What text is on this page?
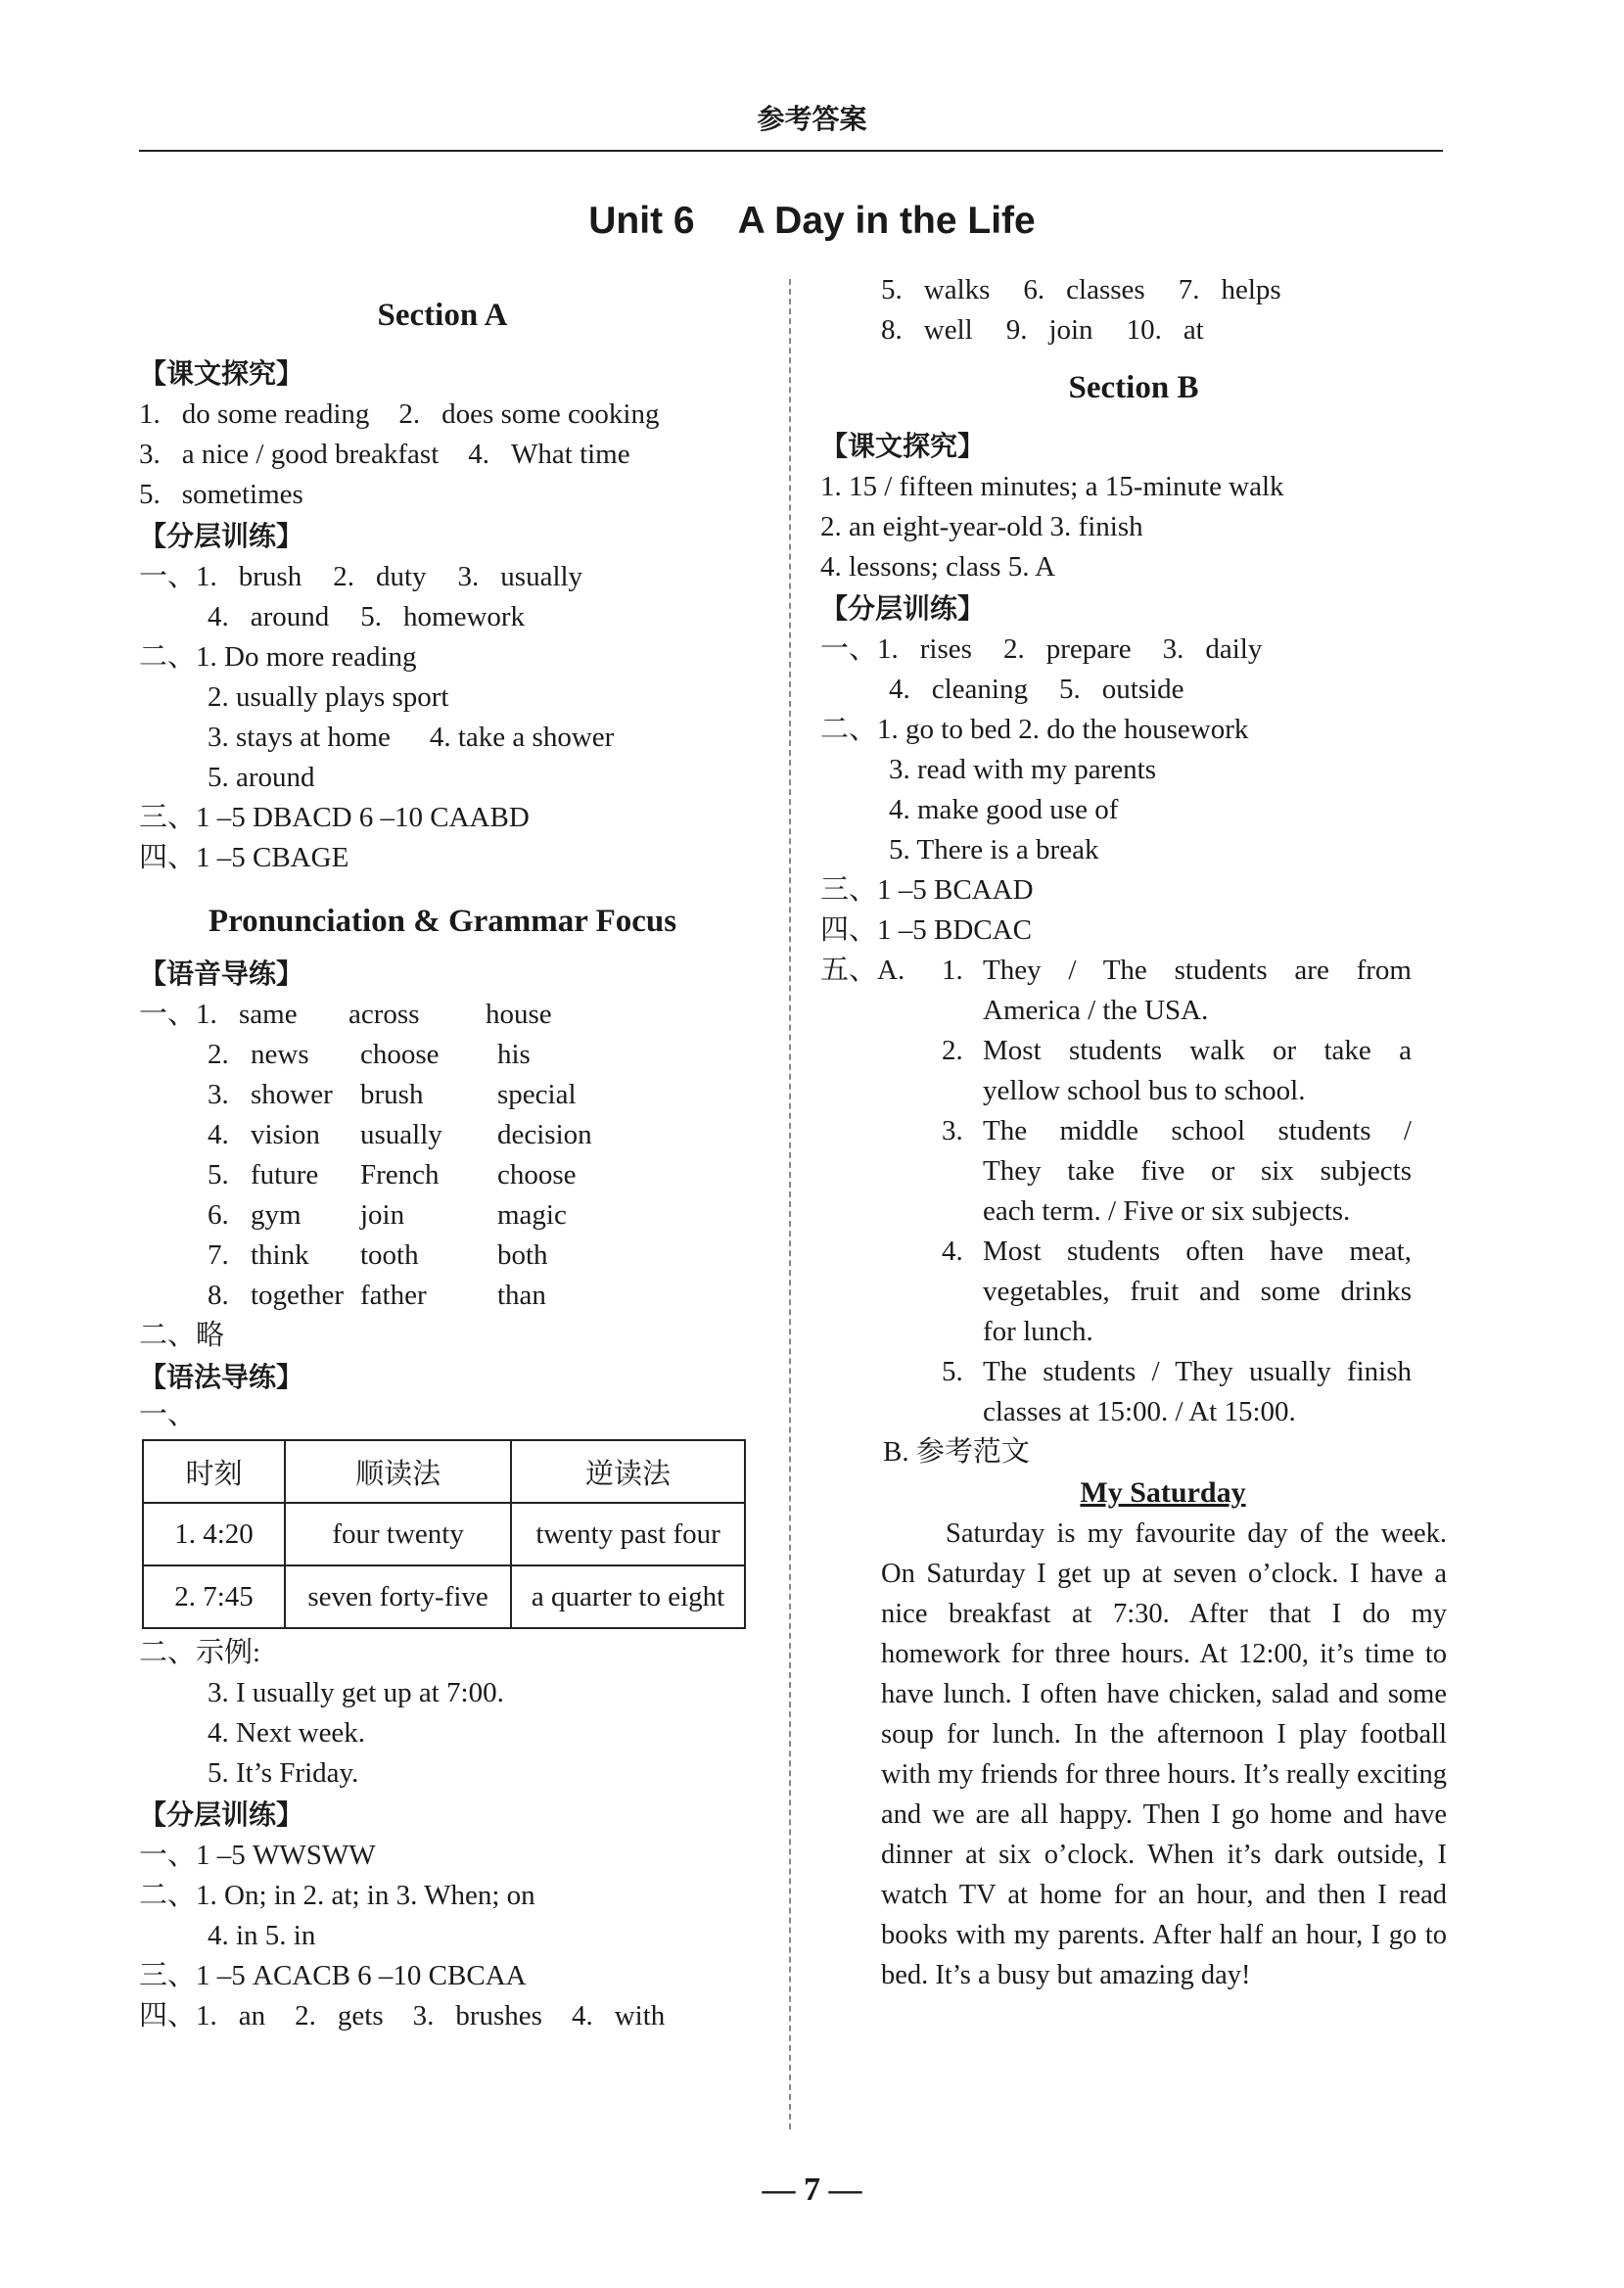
参考答案
Unit 6 A Day in the Life
Section A
【课文探究】
1. do some reading 2. does some cooking
3. a nice / good breakfast 4. What time
5. sometimes
【分层训练】
一、1. brush 2. duty 3. usually
4. around 5. homework
二、1. Do more reading
2. usually plays sport
3. stays at home 4. take a shower
5. around
三、1 –5 DBACD 6 –10 CAABD
四、1 –5 CBAGE
Pronunciation & Grammar Focus
【语音导练】
一、1. same across house
2. news choose his
3. shower brush	special
4. vision usually decision
5. future French choose
6. gym join	magic
7. think tooth	both
8. together father than
二、略
【语法导练】
一、
时刻	顺读法	逆读法
1. 4:20	four twenty	twenty past four
2. 7:45	seven forty-five	a quarter to eight
二、示例:
3. I usually get up at 7:00.
4. Next week.
5. It’s Friday.
【分层训练】
一、1 –5 WWSWW
二、1. On; in 2. at; in 3. When; on
4. in 5. in
三、1 –5 ACACB 6 –10 CBCAA
四、1. an 2. gets 3. brushes 4. with
5. walks 6. classes 7. helps
8. well 9. join 10. at
Section B
【课文探究】
1. 15 / fifteen minutes; a 15-minute walk
2. an eight-year-old 3. finish
4. lessons; class 5. A
【分层训练】
一、1. rises 2. prepare 3. daily
4. cleaning 5. outside
二、1. go to bed 2. do the housework
3. read with my parents
4. make good use of
5. There is a break
三、1 –5 BCAAD
四、1 –5 BDCAC
五、A.	1. They / The students are from
America / the USA.
2. Most students walk or take a
yellow school bus to school.
3. The middle school students /
They take five or six subjects
each term. / Five or six subjects.
4. Most students often have meat,
vegetables, fruit and some drinks
for lunch.
5. The students / They usually finish
classes at 15:00. / At 15:00.
B. 参考范文
My Saturday

Saturday is my favourite day of the week. On Saturday I get up at seven o’clock. I have a nice breakfast at 7:30. After that I do my homework for three hours. At 12:00, it’s time to have lunch. I often have chicken, salad and some soup for lunch. In the afternoon I play football with my friends for three hours. It’s really exciting and we are all happy. Then I go home and have dinner at six o’clock. When it’s dark outside, I watch TV at home for an hour, and then I read books with my parents. After half an hour, I go to bed. It’s a busy but amazing day!

— 7 —
